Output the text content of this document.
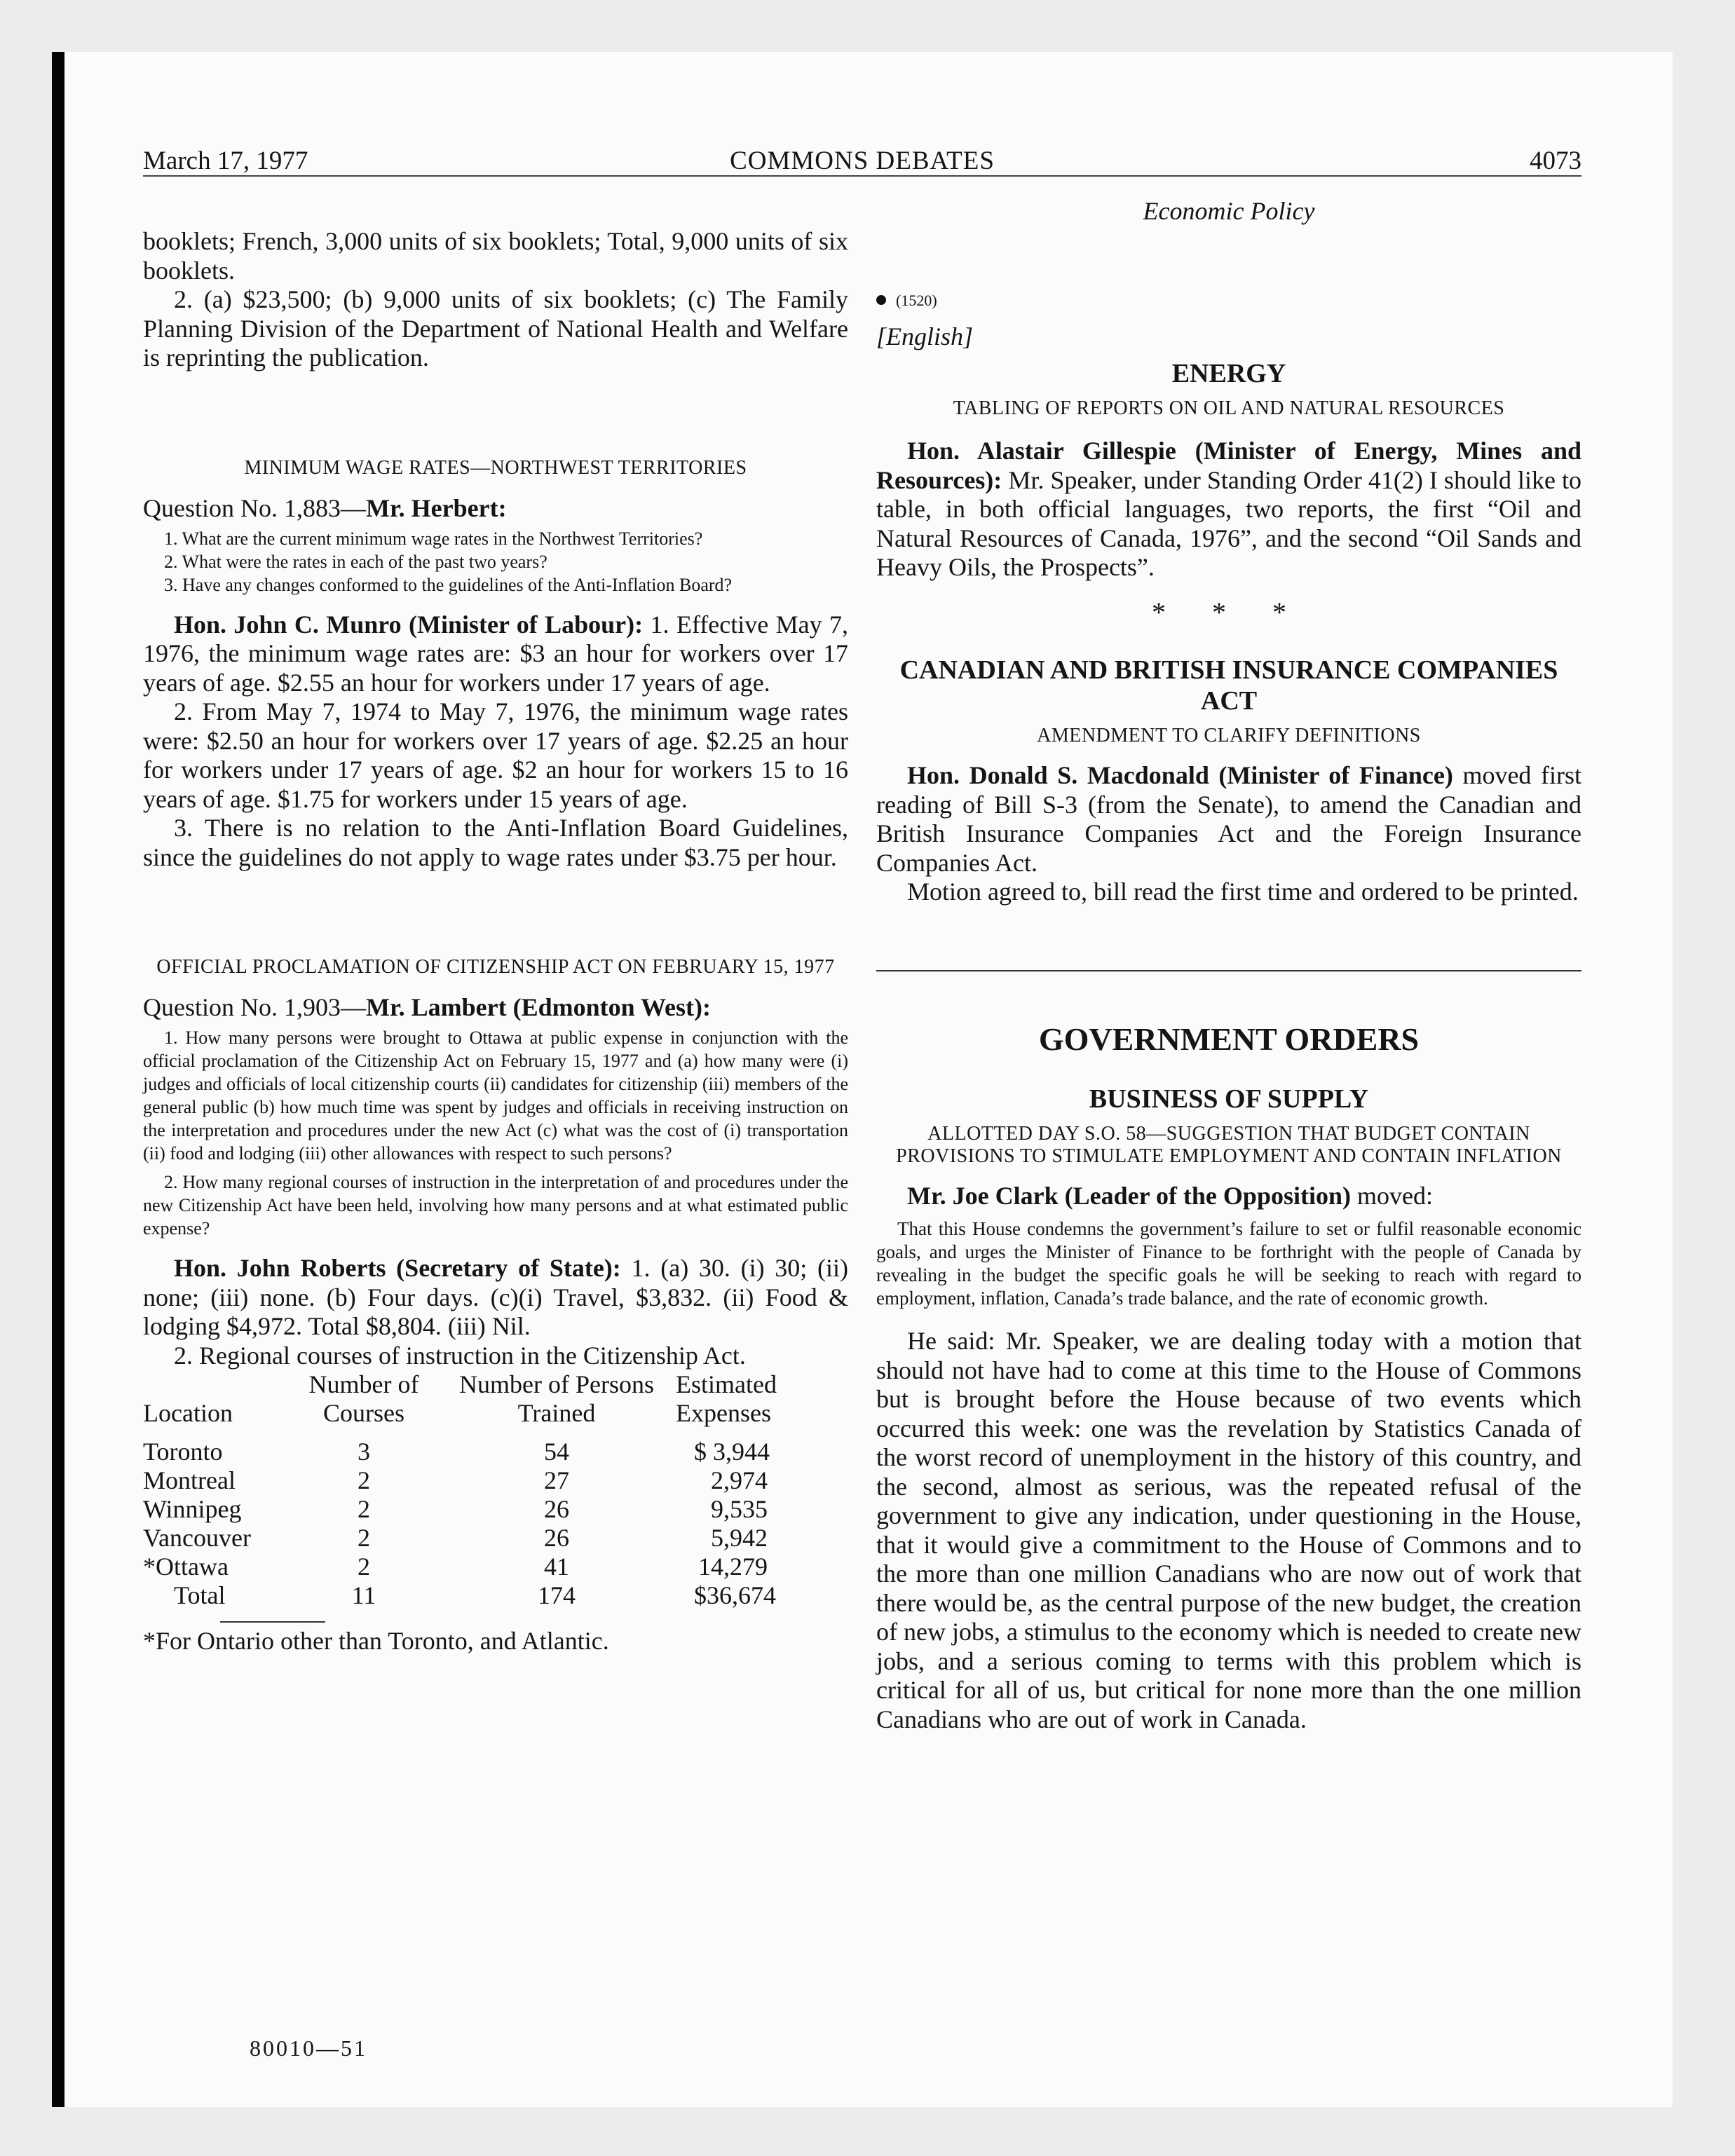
March 17, 1977	COMMONS DEBATES	4073
Economic Policy

booklets; French, 3,000 units of six booklets; Total, 9,000 units of six booklets.

2. (a) $23,500; (b) 9,000 units of six booklets; (c) The Family Planning Division of the Department of National Health and Welfare is reprinting the publication.

MINIMUM WAGE RATES—NORTHWEST TERRITORIES

Question No. 1,883—Mr. Herbert:

1. What are the current minimum wage rates in the Northwest Territories?

2. What were the rates in each of the past two years?

3. Have any changes conformed to the guidelines of the Anti-Inflation Board?

Hon. John C. Munro (Minister of Labour): 1. Effective May 7, 1976, the minimum wage rates are: $3 an hour for workers over 17 years of age. $2.55 an hour for workers under 17 years of age.

2. From May 7, 1974 to May 7, 1976, the minimum wage rates were: $2.50 an hour for workers over 17 years of age. $2.25 an hour for workers under 17 years of age. $2 an hour for workers 15 to 16 years of age. $1.75 for workers under 15 years of age.

3. There is no relation to the Anti-Inflation Board Guidelines, since the guidelines do not apply to wage rates under $3.75 per hour.

OFFICIAL PROCLAMATION OF CITIZENSHIP ACT ON FEBRUARY 15, 1977

Question No. 1,903—Mr. Lambert (Edmonton West):

1. How many persons were brought to Ottawa at public expense in conjunction with the official proclamation of the Citizenship Act on February 15, 1977 and (a) how many were (i) judges and officials of local citizenship courts (ii) candidates for citizenship (iii) members of the general public (b) how much time was spent by judges and officials in receiving instruction on the interpretation and procedures under the new Act (c) what was the cost of (i) transportation (ii) food and lodging (iii) other allowances with respect to such persons?

2. How many regional courses of instruction in the interpretation of and procedures under the new Citizenship Act have been held, involving how many persons and at what estimated public expense?

Hon. John Roberts (Secretary of State): 1. (a) 30. (i) 30; (ii) none; (iii) none. (b) Four days. (c)(i) Travel, $3,832. (ii) Food & lodging $4,972. Total $8,804. (iii) Nil.

2. Regional courses of instruction in the Citizenship Act.

	Number of	Number of Persons	Estimated
Location	Courses	Trained	Expenses

Toronto	3	54	$ 3,944
Montreal	2	27	2,974
Winnipeg	2	26	9,535
Vancouver	2	26	5,942
*Ottawa	2	41	14,279
Total	11	174	$36,674

*For Ontario other than Toronto, and Atlantic.

80010—51

(1520)

[English]

ENERGY
TABLING OF REPORTS ON OIL AND NATURAL RESOURCES

Hon. Alastair Gillespie (Minister of Energy, Mines and Resources): Mr. Speaker, under Standing Order 41(2) I should like to table, in both official languages, two reports, the first “Oil and Natural Resources of Canada, 1976”, and the second “Oil Sands and Heavy Oils, the Prospects”.

* * *
CANADIAN AND BRITISH INSURANCE COMPANIES ACT
AMENDMENT TO CLARIFY DEFINITIONS

Hon. Donald S. Macdonald (Minister of Finance) moved first reading of Bill S-3 (from the Senate), to amend the Canadian and British Insurance Companies Act and the Foreign Insurance Companies Act.

Motion agreed to, bill read the first time and ordered to be printed.

GOVERNMENT ORDERS
BUSINESS OF SUPPLY
ALLOTTED DAY S.O. 58—SUGGESTION THAT BUDGET CONTAIN PROVISIONS TO STIMULATE EMPLOYMENT AND CONTAIN INFLATION

Mr. Joe Clark (Leader of the Opposition) moved:

That this House condemns the government’s failure to set or fulfil reasonable economic goals, and urges the Minister of Finance to be forthright with the people of Canada by revealing in the budget the specific goals he will be seeking to reach with regard to employment, inflation, Canada’s trade balance, and the rate of economic growth.

He said: Mr. Speaker, we are dealing today with a motion that should not have had to come at this time to the House of Commons but is brought before the House because of two events which occurred this week: one was the revelation by Statistics Canada of the worst record of unemployment in the history of this country, and the second, almost as serious, was the repeated refusal of the government to give any indication, under questioning in the House, that it would give a commitment to the House of Commons and to the more than one million Canadians who are now out of work that there would be, as the central purpose of the new budget, the creation of new jobs, a stimulus to the economy which is needed to create new jobs, and a serious coming to terms with this problem which is critical for all of us, but critical for none more than the one million Canadians who are out of work in Canada.
